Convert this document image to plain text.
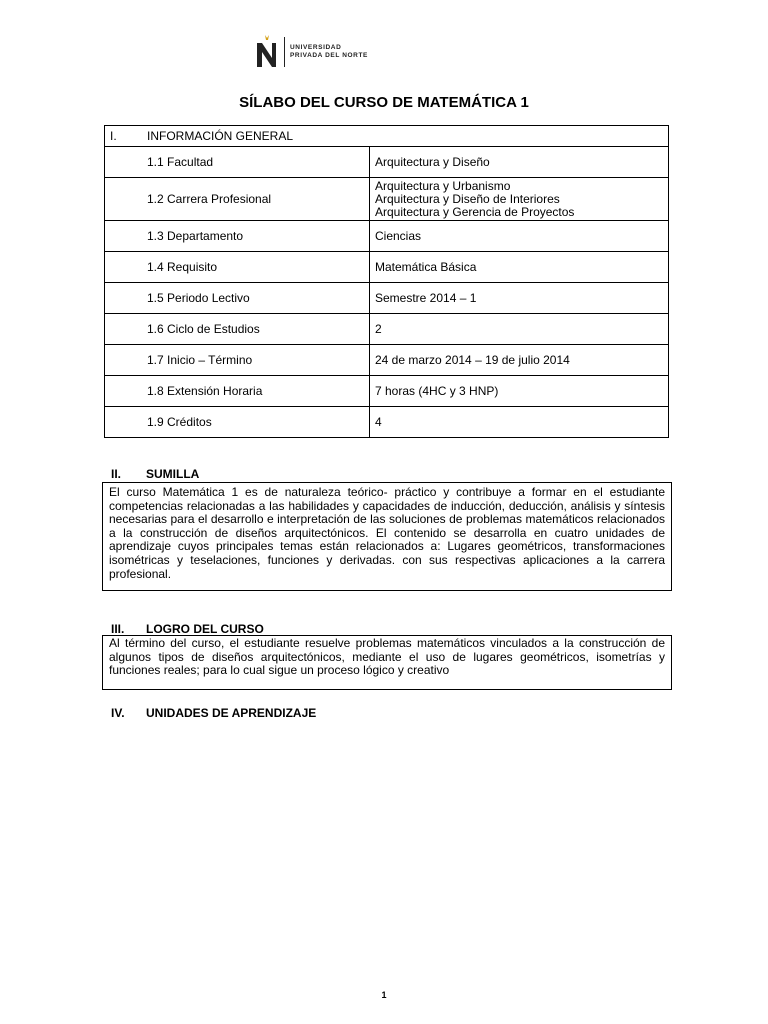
UNIVERSIDAD
PRIVADA DEL NORTE
SÍLABO DEL CURSO DE MATEMÁTICA 1
I. INFORMACIÓN GENERAL	
1.1 Facultad	Arquitectura y Diseño
1.2 Carrera Profesional	Arquitectura y Urbanismo
Arquitectura y Diseño de Interiores
Arquitectura y Gerencia de Proyectos

1.3 Departamento	Ciencias
1.4 Requisito	Matemática Básica
1.5 Periodo Lectivo	Semestre 2014 – 1
1.6 Ciclo de Estudios	2
1.7 Inicio – Término	24 de marzo 2014 – 19 de julio 2014
1.8 Extensión Horaria	7 horas (4HC y 3 HNP)
1.9 Créditos	4
II. SUMILLA
El curso Matemática 1 es de naturaleza teórico- práctico y contribuye a formar en el estudiante competencias relacionadas a las habilidades y capacidades de inducción, deducción, análisis y síntesis necesarias para el desarrollo e interpretación de las soluciones de problemas matemáticos relacionados a la construcción de diseños arquitectónicos. El contenido se desarrolla en cuatro unidades de aprendizaje cuyos principales temas están relacionados a: Lugares geométricos, transformaciones isométricas y teselaciones, funciones y derivadas. con sus respectivas aplicaciones a la carrera profesional.
III. LOGRO DEL CURSO
Al término del curso, el estudiante resuelve problemas matemáticos vinculados a la construcción de algunos tipos de diseños arquitectónicos, mediante el uso de lugares geométricos, isometrías y funciones reales; para lo cual sigue un proceso lógico y creativo
IV. UNIDADES DE APRENDIZAJE
1
